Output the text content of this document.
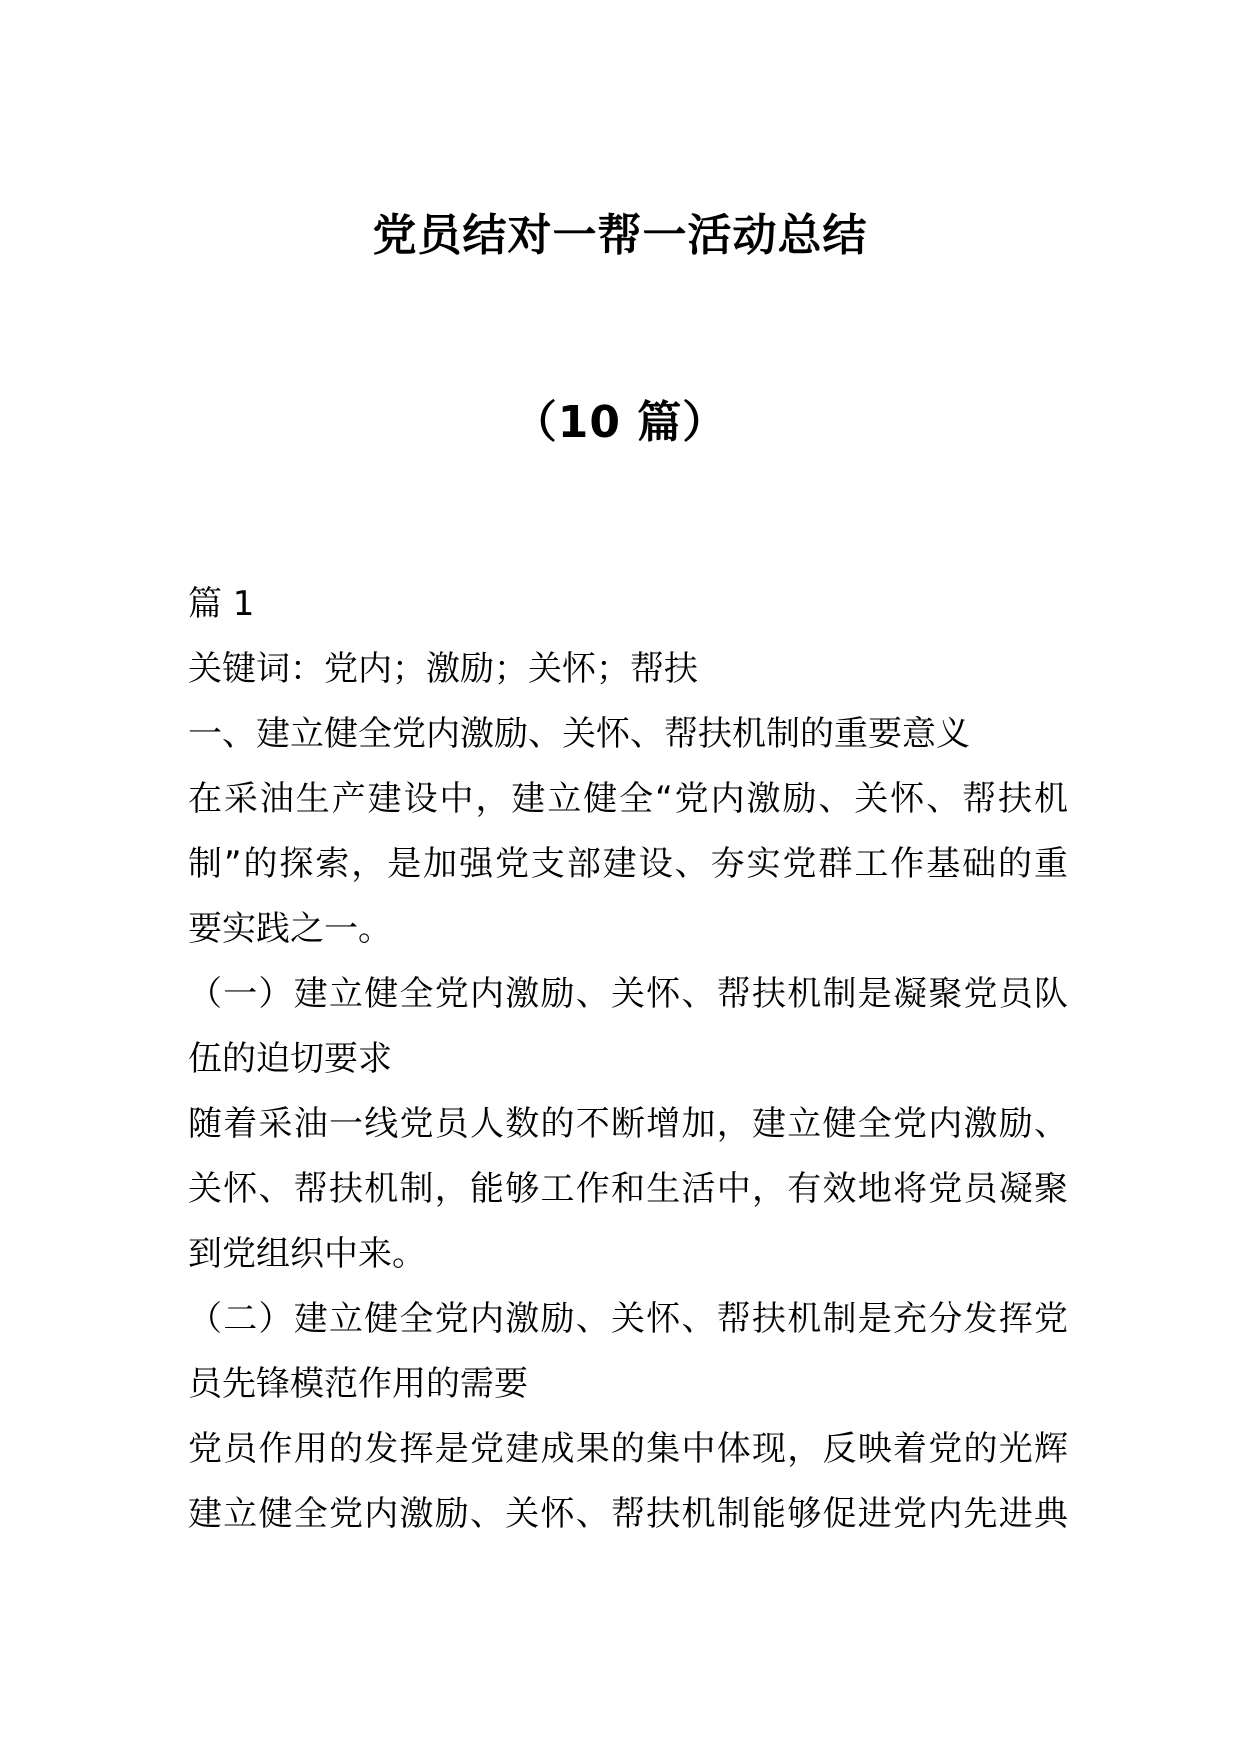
党员结对一帮一活动总结
（10 篇）
篇 1
关键词：党内；激励；关怀；帮扶
一、建立健全党内激励、关怀、帮扶机制的重要意义
在采油生产建设中，建立健全“党内激励、关怀、帮扶机
制”的探索，是加强党支部建设、夯实党群工作基础的重
要实践之一。
（一）建立健全党内激励、关怀、帮扶机制是凝聚党员队
伍的迫切要求
随着采油一线党员人数的不断增加，建立健全党内激励、
关怀、帮扶机制，能够工作和生活中，有效地将党员凝聚
到党组织中来。
（二）建立健全党内激励、关怀、帮扶机制是充分发挥党
员先锋模范作用的需要
党员作用的发挥是党建成果的集中体现，反映着党的光辉
建立健全党内激励、关怀、帮扶机制能够促进党内先进典
